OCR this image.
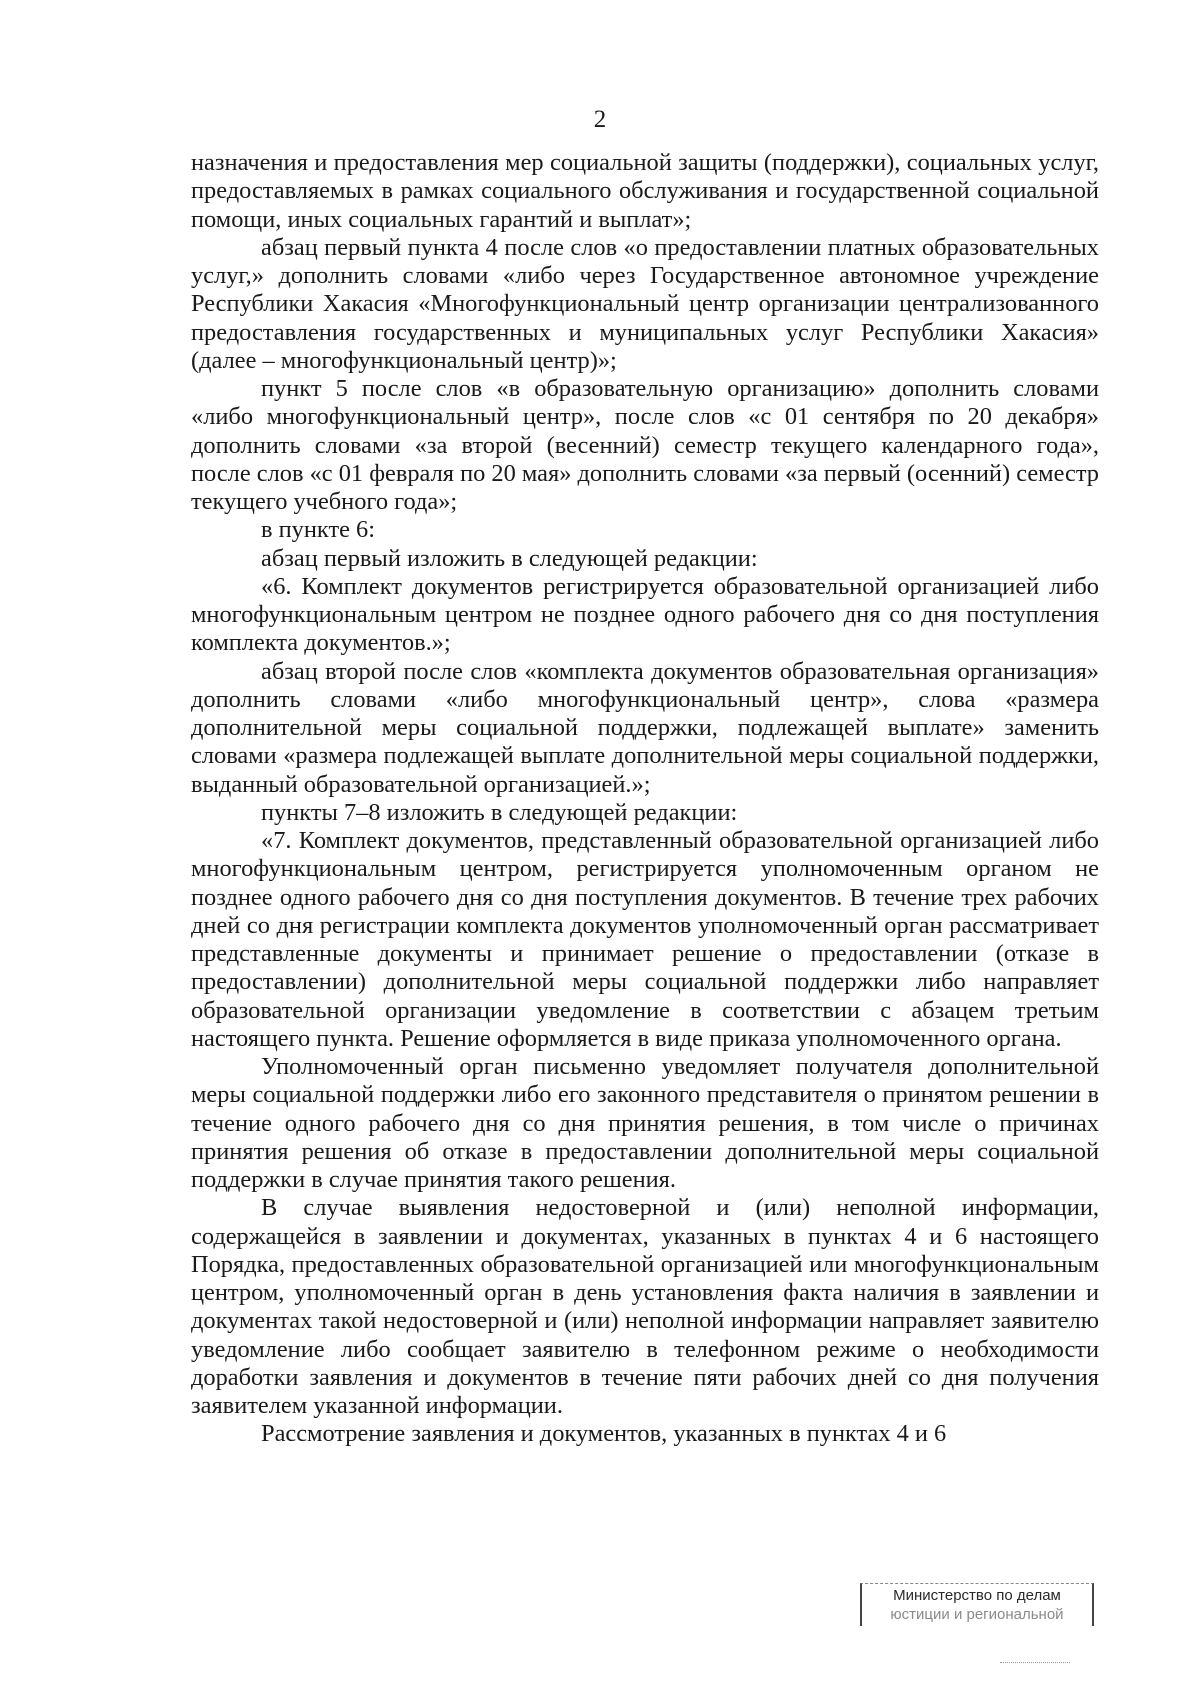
2

назначения и предоставления мер социальной защиты (поддержки), социальных услуг, предоставляемых в рамках социального обслуживания и государственной социальной помощи, иных социальных гарантий и выплат»;

абзац первый пункта 4 после слов «о предоставлении платных образовательных услуг,» дополнить словами «либо через Государственное автономное учреждение Республики Хакасия «Многофункциональный центр организации централизованного предоставления государственных и муниципальных услуг Республики Хакасия» (далее – многофункциональный центр)»;

пункт 5 после слов «в образовательную организацию» дополнить словами «либо многофункциональный центр», после слов «с 01 сентября по 20 декабря» дополнить словами «за второй (весенний) семестр текущего календарного года», после слов «с 01 февраля по 20 мая» дополнить словами «за первый (осенний) семестр текущего учебного года»;

в пункте 6:

абзац первый изложить в следующей редакции:

«6. Комплект документов регистрируется образовательной организацией либо многофункциональным центром не позднее одного рабочего дня со дня поступления комплекта документов.»;

абзац второй после слов «комплекта документов образовательная организация» дополнить словами «либо многофункциональный центр», слова «размера дополнительной меры социальной поддержки, подлежащей выплате» заменить словами «размера подлежащей выплате дополнительной меры социальной поддержки, выданный образовательной организацией.»;

пункты 7–8 изложить в следующей редакции:

«7. Комплект документов, представленный образовательной организацией либо многофункциональным центром, регистрируется уполномоченным органом не позднее одного рабочего дня со дня поступления документов. В течение трех рабочих дней со дня регистрации комплекта документов уполномоченный орган рассматривает представленные документы и принимает решение о предоставлении (отказе в предоставлении) дополнительной меры социальной поддержки либо направляет образовательной организации уведомление в соответствии с абзацем третьим настоящего пункта. Решение оформляется в виде приказа уполномоченного органа.

Уполномоченный орган письменно уведомляет получателя дополнительной меры социальной поддержки либо его законного представителя о принятом решении в течение одного рабочего дня со дня принятия решения, в том числе о причинах принятия решения об отказе в предоставлении дополнительной меры социальной поддержки в случае принятия такого решения.

В случае выявления недостоверной и (или) неполной информации, содержащейся в заявлении и документах, указанных в пунктах 4 и 6 настоящего Порядка, предоставленных образовательной организацией или многофункциональным центром, уполномоченный орган в день установления факта наличия в заявлении и документах такой недостоверной и (или) неполной информации направляет заявителю уведомление либо сообщает заявителю в телефонном режиме о необходимости доработки заявления и документов в течение пяти рабочих дней со дня получения заявителем указанной информации.

Рассмотрение заявления и документов, указанных в пунктах 4 и 6

Министерство по делам
юстиции и региональной
